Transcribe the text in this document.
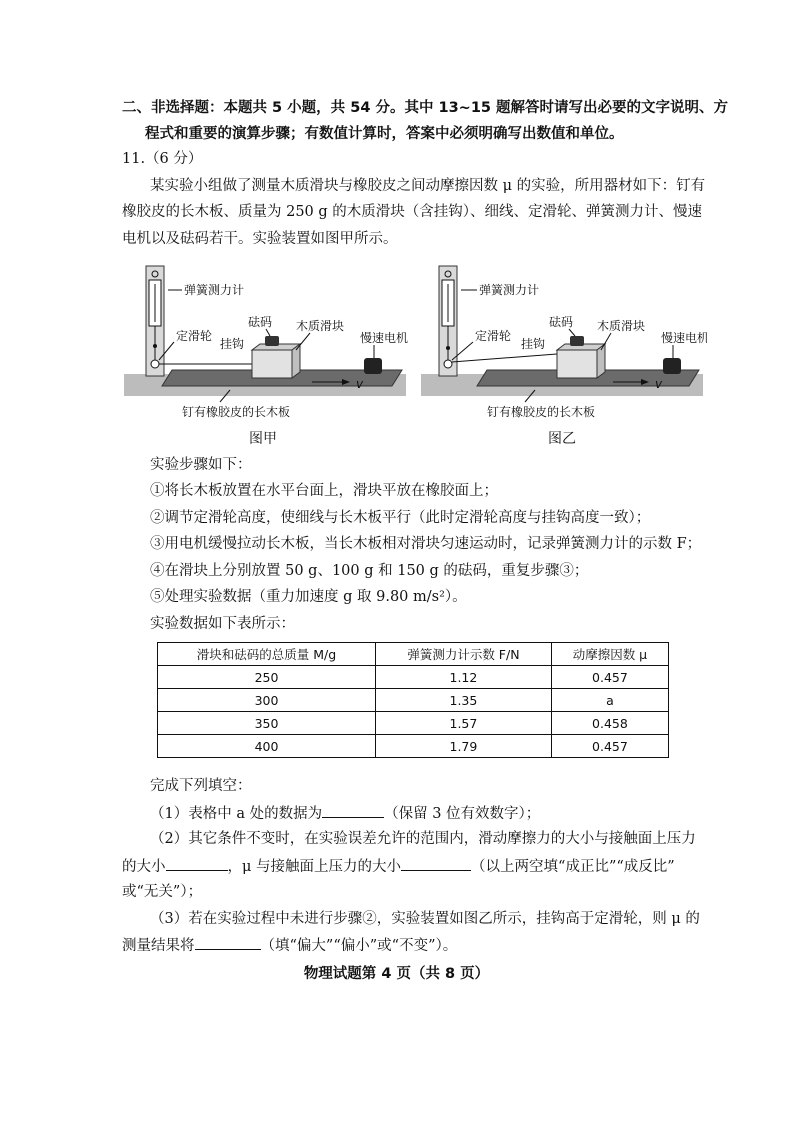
二、非选择题：本题共 5 小题，共 54 分。其中 13~15 题解答时请写出必要的文字说明、方
程式和重要的演算步骤；有数值计算时，答案中必须明确写出数值和单位。
11.（6 分）
某实验小组做了测量木质滑块与橡胶皮之间动摩擦因数 μ 的实验，所用器材如下：钉有
橡胶皮的长木板、质量为 250 g 的木质滑块（含挂钩）、细线、定滑轮、弹簧测力计、慢速
电机以及砝码若干。实验装置如图甲所示。
v
弹簧测力计
定滑轮
砝码
挂钩
木质滑块
慢速电机
钉有橡胶皮的长木板
图甲
v
弹簧测力计
定滑轮
砝码
挂钩
木质滑块
慢速电机
钉有橡胶皮的长木板
图乙
实验步骤如下：
①将长木板放置在水平台面上，滑块平放在橡胶面上；
②调节定滑轮高度，使细线与长木板平行（此时定滑轮高度与挂钩高度一致）；
③用电机缓慢拉动长木板，当长木板相对滑块匀速运动时，记录弹簧测力计的示数 F；
④在滑块上分别放置 50 g、100 g 和 150 g 的砝码，重复步骤③；
⑤处理实验数据（重力加速度 g 取 9.80 m/s²）。
实验数据如下表所示：
滑块和砝码的总质量 M/g	弹簧测力计示数 F/N	动摩擦因数 μ
250	1.12	0.457
300	1.35	a
350	1.57	0.458
400	1.79	0.457
完成下列填空：
（1）表格中 a 处的数据为	（保留 3 位有效数字）；
（2）其它条件不变时，在实验误差允许的范围内，滑动摩擦力的大小与接触面上压力
的大小	，μ 与接触面上压力的大小	（以上两空填“成正比”“成反比”
或“无关”）；
（3）若在实验过程中未进行步骤②，实验装置如图乙所示，挂钩高于定滑轮，则 μ 的
测量结果将	（填“偏大”“偏小”或“不变”）。
物理试题第 4 页（共 8 页）
